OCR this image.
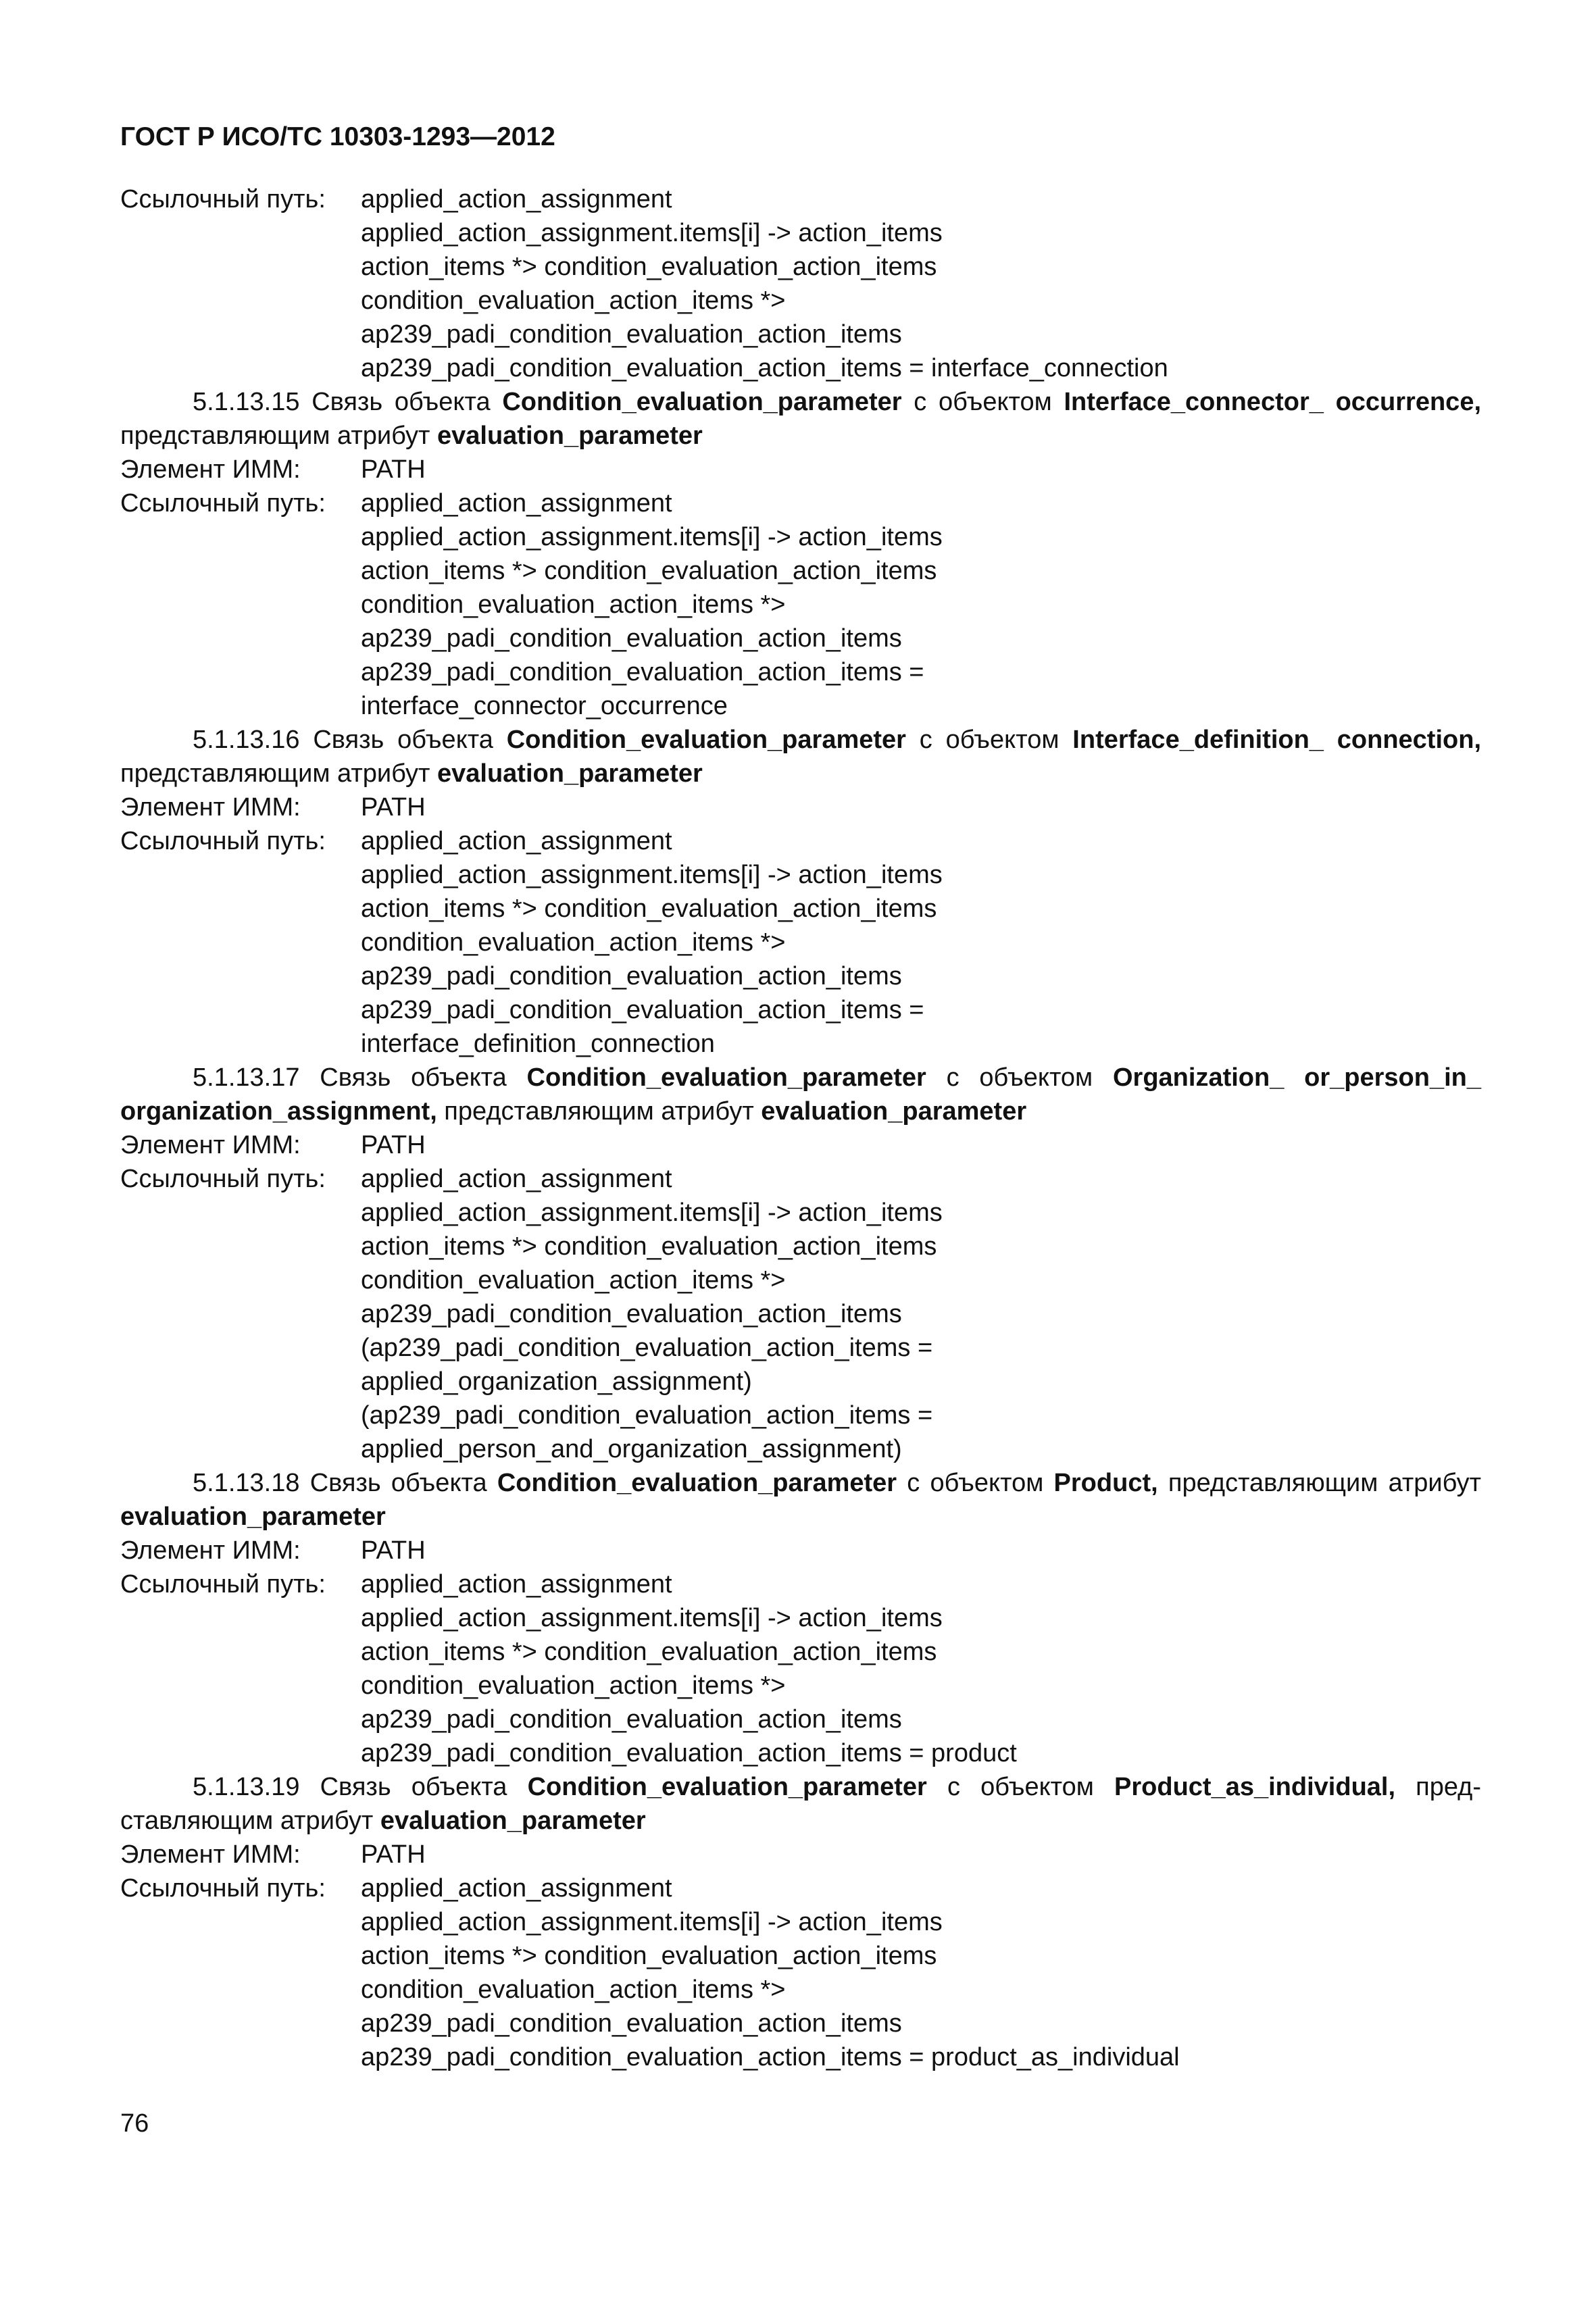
ГОСТ Р ИСО/ТС 10303-1293—2012
Ссылочный путь:	applied_action_assignment
applied_action_assignment.items[i] -> action_items
action_items *> condition_evaluation_action_items
condition_evaluation_action_items *>
ap239_padi_condition_evaluation_action_items
ap239_padi_condition_evaluation_action_items = interface_connection
5.1.13.15 Связь объекта Condition_evaluation_parameter с объектом Interface_connector_ occurrence, представляющим атрибут evaluation_parameter
Элемент ИММ:	PATH
Ссылочный путь:	applied_action_assignment
applied_action_assignment.items[i] -> action_items
action_items *> condition_evaluation_action_items
condition_evaluation_action_items *>
ap239_padi_condition_evaluation_action_items
ap239_padi_condition_evaluation_action_items =
interface_connector_occurrence
5.1.13.16 Связь объекта Condition_evaluation_parameter с объектом Interface_definition_ connection, представляющим атрибут evaluation_parameter
Элемент ИММ:	PATH
Ссылочный путь:	applied_action_assignment
applied_action_assignment.items[i] -> action_items
action_items *> condition_evaluation_action_items
condition_evaluation_action_items *>
ap239_padi_condition_evaluation_action_items
ap239_padi_condition_evaluation_action_items =
interface_definition_connection
5.1.13.17 Связь объекта Condition_evaluation_parameter с объектом Organization_ or_person_in_ organization_assignment, представляющим атрибут evaluation_parameter
Элемент ИММ:	PATH
Ссылочный путь:	applied_action_assignment
applied_action_assignment.items[i] -> action_items
action_items *> condition_evaluation_action_items
condition_evaluation_action_items *>
ap239_padi_condition_evaluation_action_items
(ap239_padi_condition_evaluation_action_items =
applied_organization_assignment)
(ap239_padi_condition_evaluation_action_items =
applied_person_and_organization_assignment)
5.1.13.18 Связь объекта Condition_evaluation_parameter с объектом Product, представляющим атрибут evaluation_parameter
Элемент ИММ:	PATH
Ссылочный путь:	applied_action_assignment
applied_action_assignment.items[i] -> action_items
action_items *> condition_evaluation_action_items
condition_evaluation_action_items *>
ap239_padi_condition_evaluation_action_items
ap239_padi_condition_evaluation_action_items = product
5.1.13.19 Связь объекта Condition_evaluation_parameter с объектом Product_as_individual, пред-ставляющим атрибут evaluation_parameter
Элемент ИММ:	PATH
Ссылочный путь:	applied_action_assignment
applied_action_assignment.items[i] -> action_items
action_items *> condition_evaluation_action_items
condition_evaluation_action_items *>
ap239_padi_condition_evaluation_action_items
ap239_padi_condition_evaluation_action_items = product_as_individual
76
